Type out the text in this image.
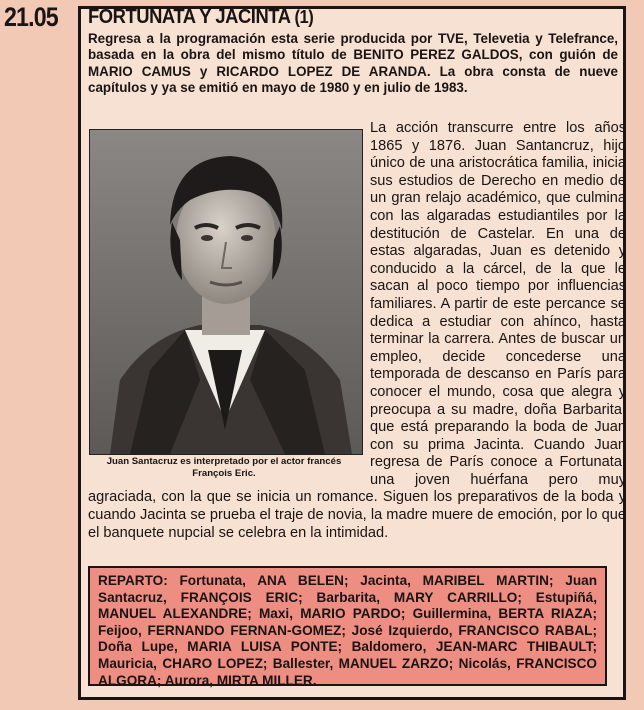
21.05 FORTUNATA Y JACINTA (1)
Regresa a la programación esta serie producida por TVE, Televetia y Telefrance, basada en la obra del mismo título de BENITO PEREZ GALDOS, con guión de MARIO CAMUS y RICARDO LOPEZ DE ARANDA. La obra consta de nueve capítulos y ya se emitió en mayo de 1980 y en julio de 1983.

La acción transcurre entre los años 1865 y 1876. Juan Santancruz, hijo único de una aristocrática familia, inicia sus estudios de Derecho en medio de un gran relajo académico, que culmina con las algaradas estudiantiles por la destitución de Castelar. En una de estas algaradas, Juan es detenido y conducido a la cárcel, de la que le sacan al poco tiempo por influencias familiares. A partir de este percance se dedica a estudiar con ahínco, hasta terminar la carrera. Antes de buscar un empleo, decide concederse una temporada de descanso en París para conocer el mundo, cosa que alegra y preocupa a su madre, doña Barbarita, que está preparando la boda de Juan con su prima Jacinta. Cuando Juan regresa de París conoce a Fortunata, una joven huérfana pero muy agraciada, con la que se inicia un romance. Siguen los preparativos de la boda y cuando Jacinta se prueba el traje de novia, la madre muere de emoción, por lo que el banquete nupcial se celebra en la intimidad.

Juan Santacruz es interpretado por el actor francés François Eric.
REPARTO: Fortunata, ANA BELEN; Jacinta, MARIBEL MARTIN; Juan Santacruz, FRANÇOIS ERIC; Barbarita, MARY CARRILLO; Estupiñá, MANUEL ALEXANDRE; Maxi, MARIO PARDO; Guillermina, BERTA RIAZA; Feijoo, FERNANDO FERNAN-GOMEZ; José Izquierdo, FRANCISCO RABAL; Doña Lupe, MARIA LUISA PONTE; Baldomero, JEAN-MARC THIBAULT; Mauricia, CHARO LOPEZ; Ballester, MANUEL ZARZO; Nicolás, FRANCISCO ALGORA; Aurora, MIRTA MILLER.
